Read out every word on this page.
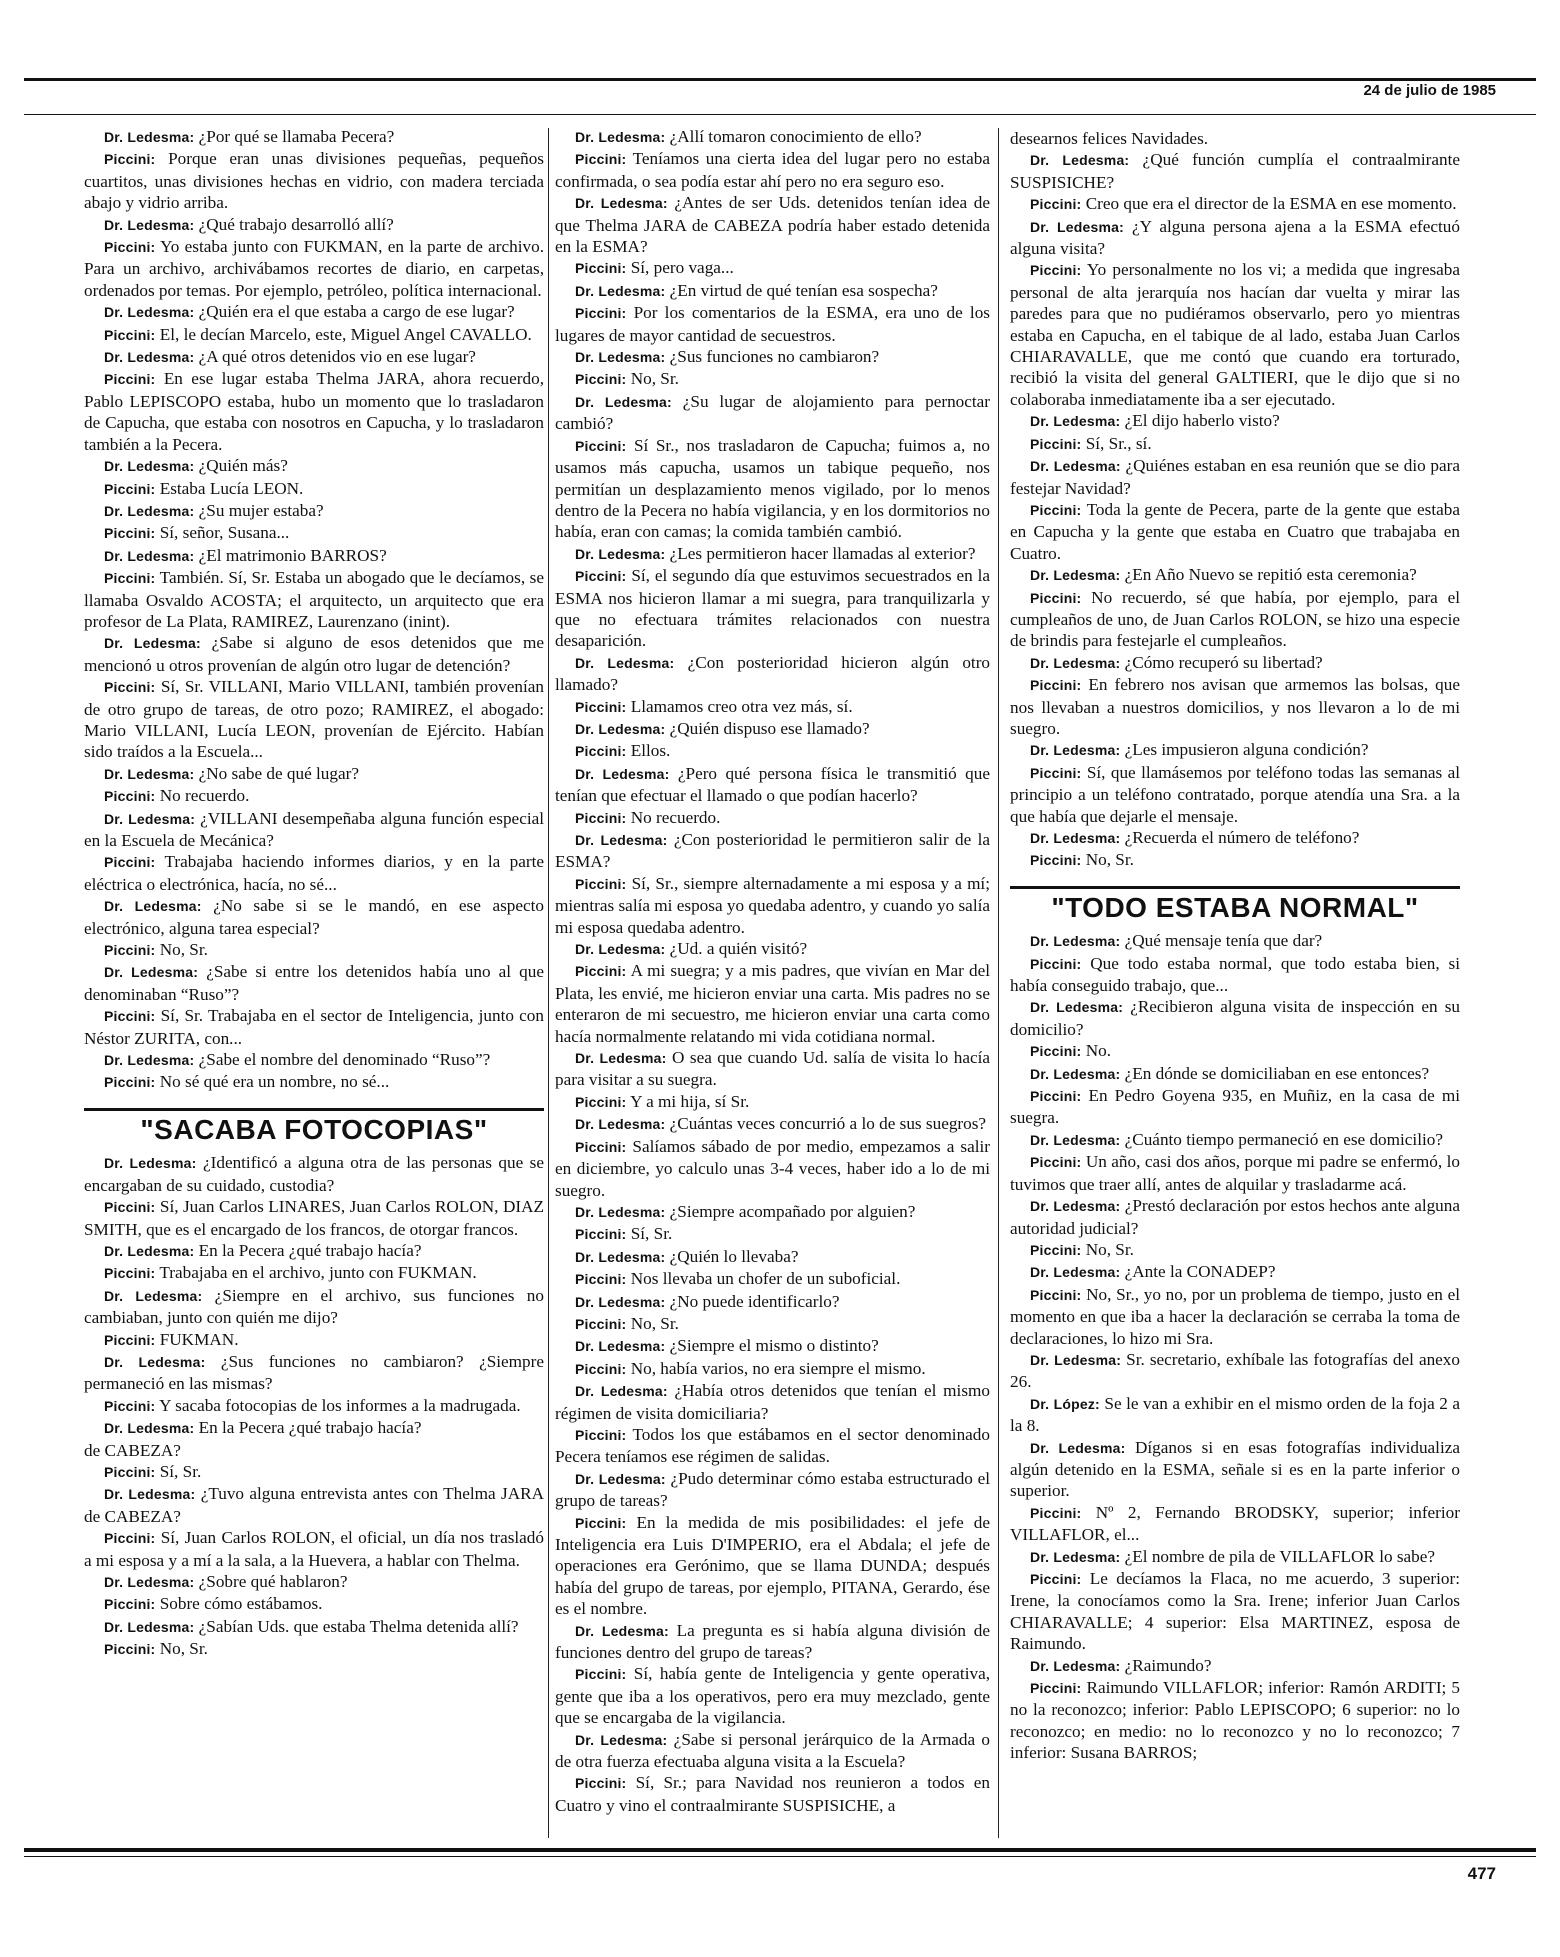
24 de julio de 1985

Dr. Ledesma: ¿Por qué se llamaba Pecera?

Piccini: Porque eran unas divisiones pequeñas, pequeños cuartitos, unas divisiones hechas en vidrio, con madera terciada abajo y vidrio arriba.

Dr. Ledesma: ¿Qué trabajo desarrolló allí?

Piccini: Yo estaba junto con FUKMAN, en la parte de archivo. Para un archivo, archivábamos recortes de diario, en carpetas, ordenados por temas. Por ejemplo, petróleo, política internacional.

Dr. Ledesma: ¿Quién era el que estaba a cargo de ese lugar?

Piccini: El, le decían Marcelo, este, Miguel Angel CAVALLO.

Dr. Ledesma: ¿A qué otros detenidos vio en ese lugar?

Piccini: En ese lugar estaba Thelma JARA, ahora recuerdo, Pablo LEPISCOPO estaba, hubo un momento que lo trasladaron de Capucha, que estaba con nosotros en Capucha, y lo trasladaron también a la Pecera.

Dr. Ledesma: ¿Quién más?

Piccini: Estaba Lucía LEON.

Dr. Ledesma: ¿Su mujer estaba?

Piccini: Sí, señor, Susana...

Dr. Ledesma: ¿El matrimonio BARROS?

Piccini: También. Sí, Sr. Estaba un abogado que le decíamos, se llamaba Osvaldo ACOSTA; el arquitecto, un arquitecto que era profesor de La Plata, RAMIREZ, Laurenzano (inint).

Dr. Ledesma: ¿Sabe si alguno de esos detenidos que me mencionó u otros provenían de algún otro lugar de detención?

Piccini: Sí, Sr. VILLANI, Mario VILLANI, también provenían de otro grupo de tareas, de otro pozo; RAMIREZ, el abogado: Mario VILLANI, Lucía LEON, provenían de Ejército. Habían sido traídos a la Escuela...

Dr. Ledesma: ¿No sabe de qué lugar?

Piccini: No recuerdo.

Dr. Ledesma: ¿VILLANI desempeñaba alguna función especial en la Escuela de Mecánica?

Piccini: Trabajaba haciendo informes diarios, y en la parte eléctrica o electrónica, hacía, no sé...

Dr. Ledesma: ¿No sabe si se le mandó, en ese aspecto electrónico, alguna tarea especial?

Piccini: No, Sr.

Dr. Ledesma: ¿Sabe si entre los detenidos había uno al que denominaban “Ruso”?

Piccini: Sí, Sr. Trabajaba en el sector de Inteligencia, junto con Néstor ZURITA, con...

Dr. Ledesma: ¿Sabe el nombre del denominado “Ruso”?

Piccini: No sé qué era un nombre, no sé...

"SACABA FOTOCOPIAS"

Dr. Ledesma: ¿Identificó a alguna otra de las personas que se encargaban de su cuidado, custodia?

Piccini: Sí, Juan Carlos LINARES, Juan Carlos ROLON, DIAZ SMITH, que es el encargado de los francos, de otorgar francos.

Dr. Ledesma: En la Pecera ¿qué trabajo hacía?

Piccini: Trabajaba en el archivo, junto con FUKMAN.

Dr. Ledesma: ¿Siempre en el archivo, sus funciones no cambiaban, junto con quién me dijo?

Piccini: FUKMAN.

Dr. Ledesma: ¿Sus funciones no cambiaron? ¿Siempre permaneció en las mismas?

Piccini: Y sacaba fotocopias de los informes a la madrugada.

Dr. Ledesma: En la Pecera ¿qué trabajo hacía?

de CABEZA?

Piccini: Sí, Sr.

Dr. Ledesma: ¿Tuvo alguna entrevista antes con Thelma JARA de CABEZA?

Piccini: Sí, Juan Carlos ROLON, el oficial, un día nos trasladó a mi esposa y a mí a la sala, a la Huevera, a hablar con Thelma.

Dr. Ledesma: ¿Sobre qué hablaron?

Piccini: Sobre cómo estábamos.

Dr. Ledesma: ¿Sabían Uds. que estaba Thelma detenida allí?

Piccini: No, Sr.

Dr. Ledesma: ¿Allí tomaron conocimiento de ello?

Piccini: Teníamos una cierta idea del lugar pero no estaba confirmada, o sea podía estar ahí pero no era seguro eso.

Dr. Ledesma: ¿Antes de ser Uds. detenidos tenían idea de que Thelma JARA de CABEZA podría haber estado detenida en la ESMA?

Piccini: Sí, pero vaga...

Dr. Ledesma: ¿En virtud de qué tenían esa sospecha?

Piccini: Por los comentarios de la ESMA, era uno de los lugares de mayor cantidad de secuestros.

Dr. Ledesma: ¿Sus funciones no cambiaron?

Piccini: No, Sr.

Dr. Ledesma: ¿Su lugar de alojamiento para pernoctar cambió?

Piccini: Sí Sr., nos trasladaron de Capucha; fuimos a, no usamos más capucha, usamos un tabique pequeño, nos permitían un desplazamiento menos vigilado, por lo menos dentro de la Pecera no había vigilancia, y en los dormitorios no había, eran con camas; la comida también cambió.

Dr. Ledesma: ¿Les permitieron hacer llamadas al exterior?

Piccini: Sí, el segundo día que estuvimos secuestrados en la ESMA nos hicieron llamar a mi suegra, para tranquilizarla y que no efectuara trámites relacionados con nuestra desaparición.

Dr. Ledesma: ¿Con posterioridad hicieron algún otro llamado?

Piccini: Llamamos creo otra vez más, sí.

Dr. Ledesma: ¿Quién dispuso ese llamado?

Piccini: Ellos.

Dr. Ledesma: ¿Pero qué persona física le transmitió que tenían que efectuar el llamado o que podían hacerlo?

Piccini: No recuerdo.

Dr. Ledesma: ¿Con posterioridad le permitieron salir de la ESMA?

Piccini: Sí, Sr., siempre alternadamente a mi esposa y a mí; mientras salía mi esposa yo quedaba adentro, y cuando yo salía mi esposa quedaba adentro.

Dr. Ledesma: ¿Ud. a quién visitó?

Piccini: A mi suegra; y a mis padres, que vivían en Mar del Plata, les envié, me hicieron enviar una carta. Mis padres no se enteraron de mi secuestro, me hicieron enviar una carta como hacía normalmente relatando mi vida cotidiana normal.

Dr. Ledesma: O sea que cuando Ud. salía de visita lo hacía para visitar a su suegra.

Piccini: Y a mi hija, sí Sr.

Dr. Ledesma: ¿Cuántas veces concurrió a lo de sus suegros?

Piccini: Salíamos sábado de por medio, empezamos a salir en diciembre, yo calculo unas 3-4 veces, haber ido a lo de mi suegro.

Dr. Ledesma: ¿Siempre acompañado por alguien?

Piccini: Sí, Sr.

Dr. Ledesma: ¿Quién lo llevaba?

Piccini: Nos llevaba un chofer de un suboficial.

Dr. Ledesma: ¿No puede identificarlo?

Piccini: No, Sr.

Dr. Ledesma: ¿Siempre el mismo o distinto?

Piccini: No, había varios, no era siempre el mismo.

Dr. Ledesma: ¿Había otros detenidos que tenían el mismo régimen de visita domiciliaria?

Piccini: Todos los que estábamos en el sector denominado Pecera teníamos ese régimen de salidas.

Dr. Ledesma: ¿Pudo determinar cómo estaba estructurado el grupo de tareas?

Piccini: En la medida de mis posibilidades: el jefe de Inteligencia era Luis D'IMPERIO, era el Abdala; el jefe de operaciones era Gerónimo, que se llama DUNDA; después había del grupo de tareas, por ejemplo, PITANA, Gerardo, ése es el nombre.

Dr. Ledesma: La pregunta es si había alguna división de funciones dentro del grupo de tareas?

Piccini: Sí, había gente de Inteligencia y gente operativa, gente que iba a los operativos, pero era muy mezclado, gente que se encargaba de la vigilancia.

Dr. Ledesma: ¿Sabe si personal jerárquico de la Armada o de otra fuerza efectuaba alguna visita a la Escuela?

Piccini: Sí, Sr.; para Navidad nos reunieron a todos en Cuatro y vino el contraalmirante SUSPISICHE, a

desearnos felices Navidades.

Dr. Ledesma: ¿Qué función cumplía el contraalmirante SUSPISICHE?

Piccini: Creo que era el director de la ESMA en ese momento.

Dr. Ledesma: ¿Y alguna persona ajena a la ESMA efectuó alguna visita?

Piccini: Yo personalmente no los vi; a medida que ingresaba personal de alta jerarquía nos hacían dar vuelta y mirar las paredes para que no pudiéramos observarlo, pero yo mientras estaba en Capucha, en el tabique de al lado, estaba Juan Carlos CHIARAVALLE, que me contó que cuando era torturado, recibió la visita del general GALTIERI, que le dijo que si no colaboraba inmediatamente iba a ser ejecutado.

Dr. Ledesma: ¿El dijo haberlo visto?

Piccini: Sí, Sr., sí.

Dr. Ledesma: ¿Quiénes estaban en esa reunión que se dio para festejar Navidad?

Piccini: Toda la gente de Pecera, parte de la gente que estaba en Capucha y la gente que estaba en Cuatro que trabajaba en Cuatro.

Dr. Ledesma: ¿En Año Nuevo se repitió esta ceremonia?

Piccini: No recuerdo, sé que había, por ejemplo, para el cumpleaños de uno, de Juan Carlos ROLON, se hizo una especie de brindis para festejarle el cumpleaños.

Dr. Ledesma: ¿Cómo recuperó su libertad?

Piccini: En febrero nos avisan que armemos las bolsas, que nos llevaban a nuestros domicilios, y nos llevaron a lo de mi suegro.

Dr. Ledesma: ¿Les impusieron alguna condición?

Piccini: Sí, que llamásemos por teléfono todas las semanas al principio a un teléfono contratado, porque atendía una Sra. a la que había que dejarle el mensaje.

Dr. Ledesma: ¿Recuerda el número de teléfono?

Piccini: No, Sr.

"TODO ESTABA NORMAL"

Dr. Ledesma: ¿Qué mensaje tenía que dar?

Piccini: Que todo estaba normal, que todo estaba bien, si había conseguido trabajo, que...

Dr. Ledesma: ¿Recibieron alguna visita de inspección en su domicilio?

Piccini: No.

Dr. Ledesma: ¿En dónde se domiciliaban en ese entonces?

Piccini: En Pedro Goyena 935, en Muñiz, en la casa de mi suegra.

Dr. Ledesma: ¿Cuánto tiempo permaneció en ese domicilio?

Piccini: Un año, casi dos años, porque mi padre se enfermó, lo tuvimos que traer allí, antes de alquilar y trasladarme acá.

Dr. Ledesma: ¿Prestó declaración por estos hechos ante alguna autoridad judicial?

Piccini: No, Sr.

Dr. Ledesma: ¿Ante la CONADEP?

Piccini: No, Sr., yo no, por un problema de tiempo, justo en el momento en que iba a hacer la declaración se cerraba la toma de declaraciones, lo hizo mi Sra.

Dr. Ledesma: Sr. secretario, exhíbale las fotografías del anexo 26.

Dr. López: Se le van a exhibir en el mismo orden de la foja 2 a la 8.

Dr. Ledesma: Díganos si en esas fotografías individualiza algún detenido en la ESMA, señale si es en la parte inferior o superior.

Piccini: Nº 2, Fernando BRODSKY, superior; inferior VILLAFLOR, el...

Dr. Ledesma: ¿El nombre de pila de VILLAFLOR lo sabe?

Piccini: Le decíamos la Flaca, no me acuerdo, 3 superior: Irene, la conocíamos como la Sra. Irene; inferior Juan Carlos CHIARAVALLE; 4 superior: Elsa MARTINEZ, esposa de Raimundo.

Dr. Ledesma: ¿Raimundo?

Piccini: Raimundo VILLAFLOR; inferior: Ramón ARDITI; 5 no la reconozco; inferior: Pablo LEPISCOPO; 6 superior: no lo reconozco; en medio: no lo reconozco y no lo reconozco; 7 inferior: Susana BARROS;

477
